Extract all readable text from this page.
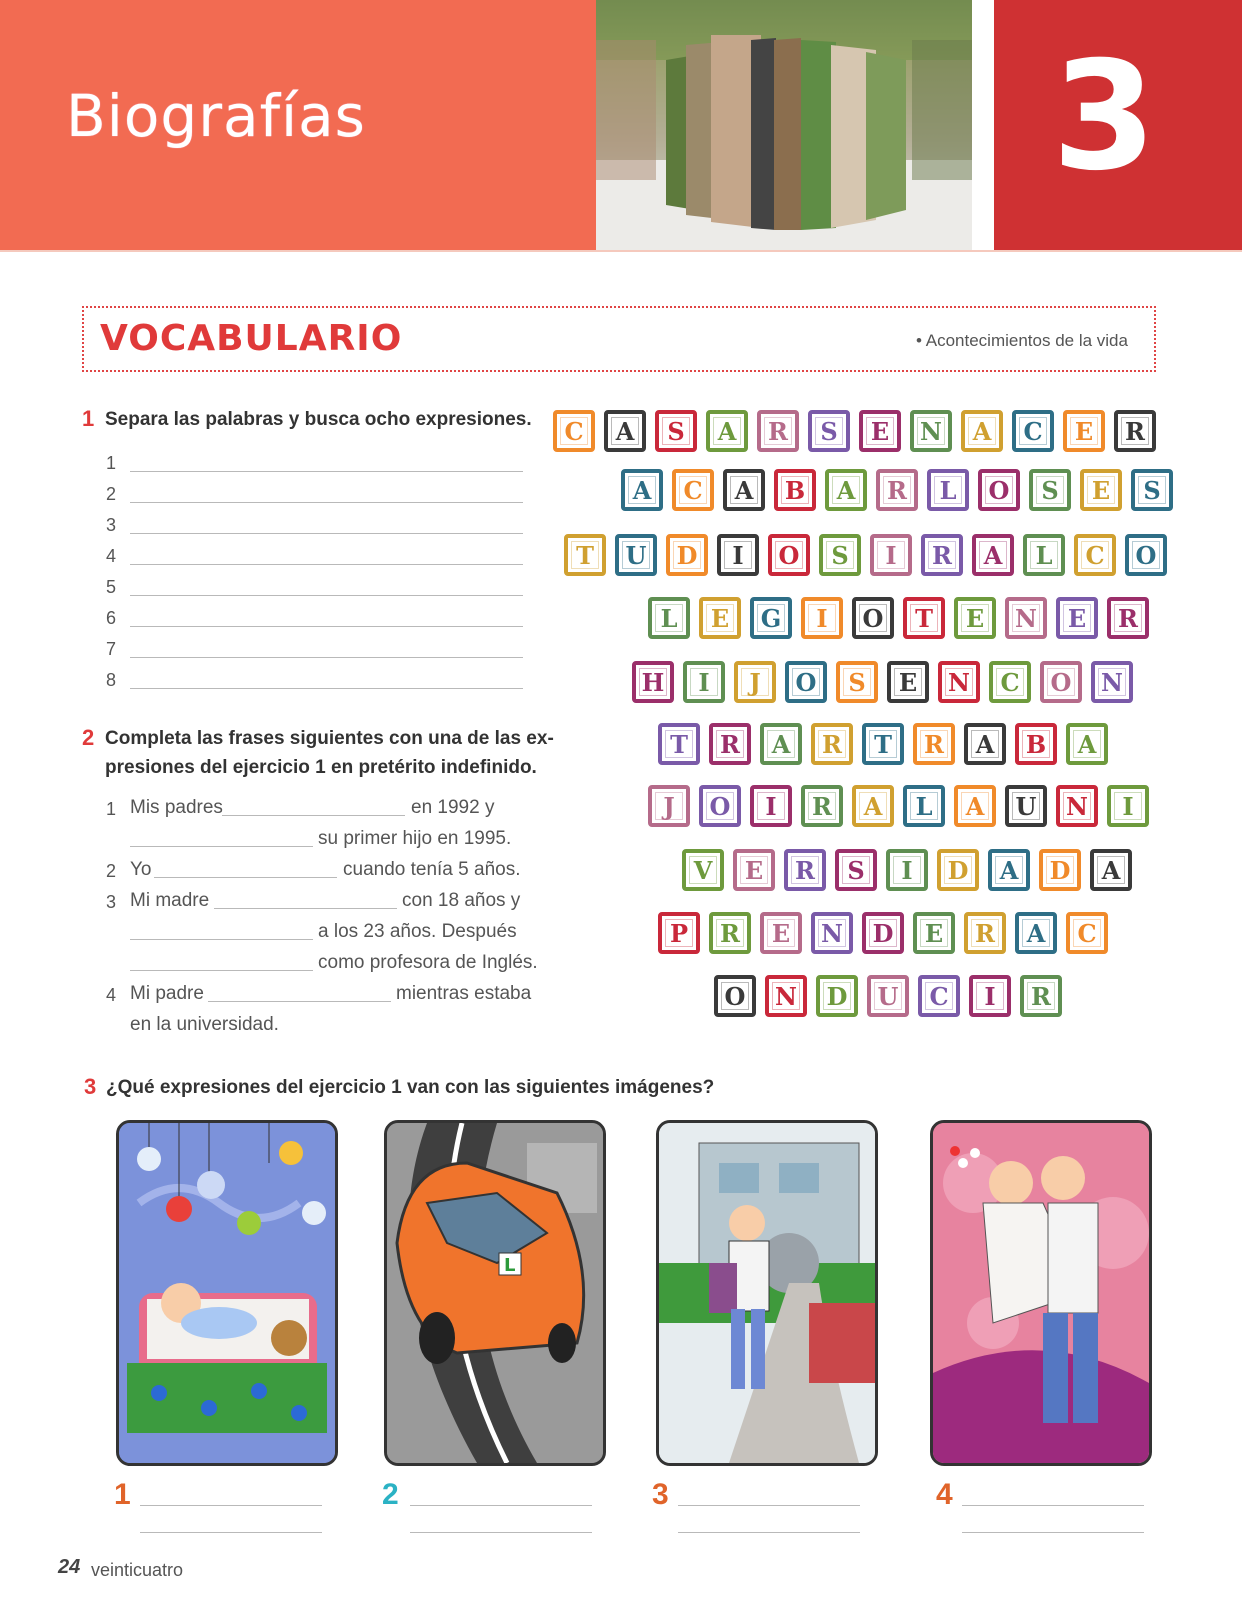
Biografías	3
VOCABULARIO	• Acontecimientos de la vida
1 Separa las palabras y busca ocho expresiones.
1
2
3
4
5
6
7
8
2 Completa las frases siguientes con una de las ex-
presiones del ejercicio 1 en pretérito indefinido.
1 Mis padres	en 1992 y
su primer hijo en 1995.
2 Yo	cuando tenía 5 años.
3 Mi madre	con 18 años y
a los 23 años. Después
como profesora de Inglés.
4 Mi padre	mientras estaba
en la universidad.
C	A	S	A	R	S	E	N	A	C	E	R
A	C	A	B	A	R	L	O	S	E	S
T	U	D	I	O	S	I	R	A	L	C	O
L	E	G	I	O	T	E	N	E	R
H	I	J	O	S	E	N	C	O	N
T	R	A	R	T	R	A	B	A
J	O	I	R	A	L	A	U	N	I
V	E	R	S	I	D	A	D	A
P	R	E	N	D	E	R	A	C
O	N	D	U	C	I	R
3 ¿Qué expresiones del ejercicio 1 van con las siguientes imágenes?
L
1	2	3	4
24 veinticuatro
